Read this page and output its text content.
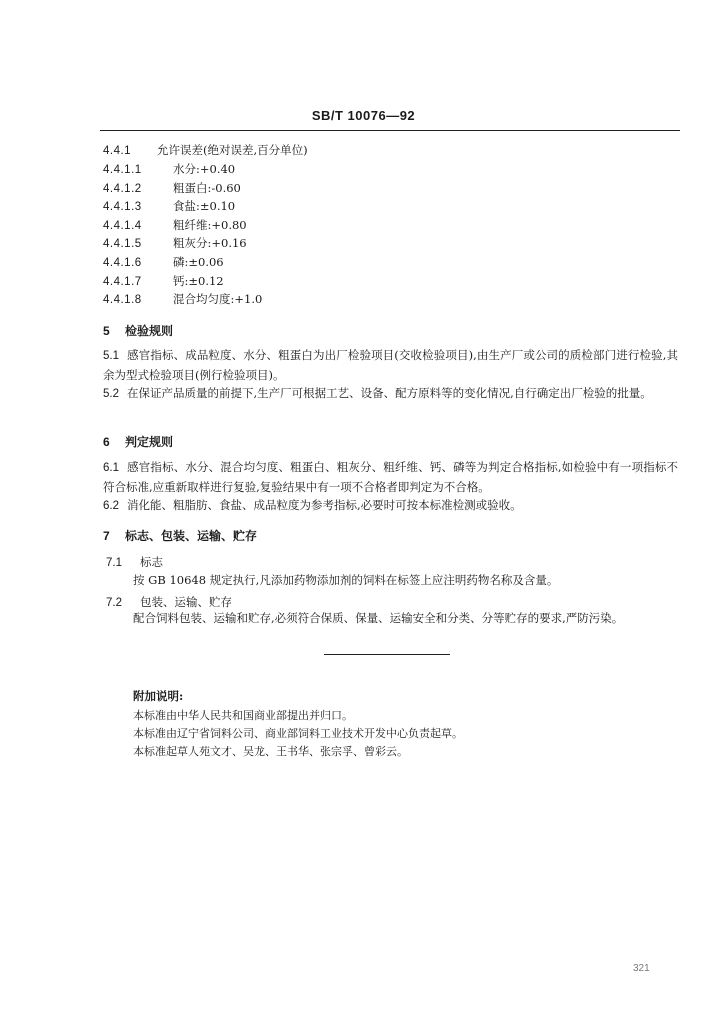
SB/T 10076—92
4.4.1 允许误差(绝对误差,百分单位)
4.4.1.1	水分:+0.40
4.4.1.2	粗蛋白:-0.60
4.4.1.3	食盐:±0.10
4.4.1.4	粗纤维:+0.80
4.4.1.5	粗灰分:+0.16
4.4.1.6	磷:±0.06
4.4.1.7	钙:±0.12
4.4.1.8	混合均匀度:+1.0
5 检验规则
5.1 感官指标、成品粒度、水分、粗蛋白为出厂检验项目(交收检验项目),由生产厂或公司的质检部门进行检验,其余为型式检验项目(例行检验项目)。
5.2 在保证产品质量的前提下,生产厂可根据工艺、设备、配方原料等的变化情况,自行确定出厂检验的批量。
6 判定规则
6.1 感官指标、水分、混合均匀度、粗蛋白、粗灰分、粗纤维、钙、磷等为判定合格指标,如检验中有一项指标不符合标准,应重新取样进行复验,复验结果中有一项不合格者即判定为不合格。
6.2 消化能、粗脂肪、食盐、成品粒度为参考指标,必要时可按本标准检测或验收。
7 标志、包装、运输、贮存
7.1 标志
按 GB 10648 规定执行,凡添加药物添加剂的饲料在标签上应注明药物名称及含量。
7.2 包装、运输、贮存
配合饲料包装、运输和贮存,必须符合保质、保量、运输安全和分类、分等贮存的要求,严防污染。
附加说明:
本标准由中华人民共和国商业部提出并归口。
本标准由辽宁省饲料公司、商业部饲料工业技术开发中心负责起草。
本标准起草人苑文才、吴龙、王书华、张宗孚、曾彩云。
321
